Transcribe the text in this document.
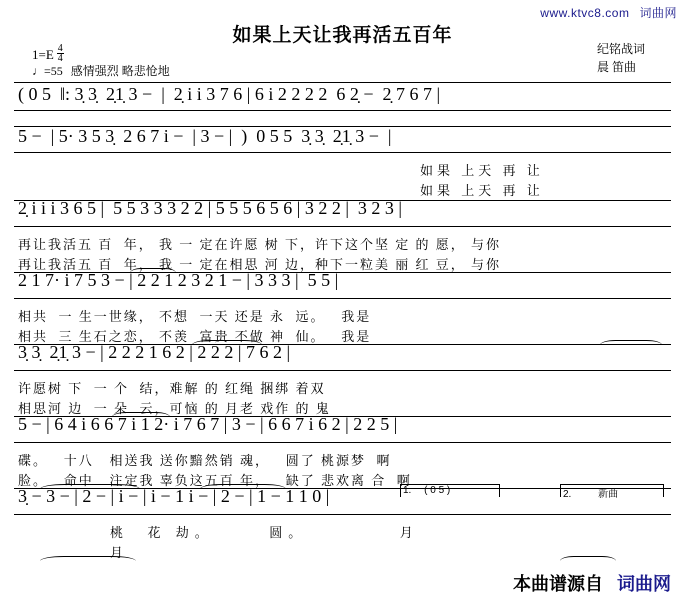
www.ktvc8.com 词曲网
如果上天让我再活五百年
纪铭战词
晨 笛曲
$1=E \frac{4}{4}$
♩=55 感情强烈 略悲怆地
( 0 5  ‖: 3̣ 3̣  2̣1̣ 3 −  |  2̣ i i 3 7 6 | 6 i 2 2 2 2  6 2̣ −  2̣ 7 6 7 |
5 −  | 5· 3 5 3̣  2 6 7 i −  | 3 − |  )  0 5 5  3̣ 3̣  2̣1̣ 3 −  |
如果 上天 再 让
如果 上天 再 让
2̣ i i i 3 6 5 |  5 5 3 3 3 2 2 | 5 5 5 6 5 6 | 3 2 2 |  3 2 3 |
再让我活五 百  年， 我 一 定在许愿 树 下，许下这个坚 定 的 愿， 与你
再让我活五 百  年， 我 一 定在相思 河 边，种下一粒美 丽 红 豆， 与你
2 1 7· i 7 5 3 − | 2 2 1 2 3 2 1 − | 3 3 3 |  5 5 |
相共  一 生一世缘， 不想  一天 还是 永  远。   我是
相共  三 生石之恋， 不羡  富贵 不做 神  仙。   我是
3̣ 3̣  2̣1̣ 3 − | 2 2 2 1 6 2 | 2 2 2 | 7 6 2 |
许愿树 下  一 个  结，难解 的 红绳 捆绑 着双
相思河 边  一 朵  云，可恼 的 月老 戏作 的 鬼
5 − | 6 4 i 6 6 7 i 1 2· i 7 6 7 | 3 − | 6 6 7 i 6 2 | 2 2 5 |
碟。   十八   相送我 送你黯然销 魂，   圆了 桃源梦  啊
脸。   命中   注定我 辜负这五百 年，   缺了 悲欢离 合  啊
3̣ − 3 − | 2 − | i − | i − 1 i − | 2 − | 1 − 1 1 0 |
桃  花 劫。      圆。          月
月
1. ( 0 5 )	2.	新曲
本曲谱源自 词曲网
